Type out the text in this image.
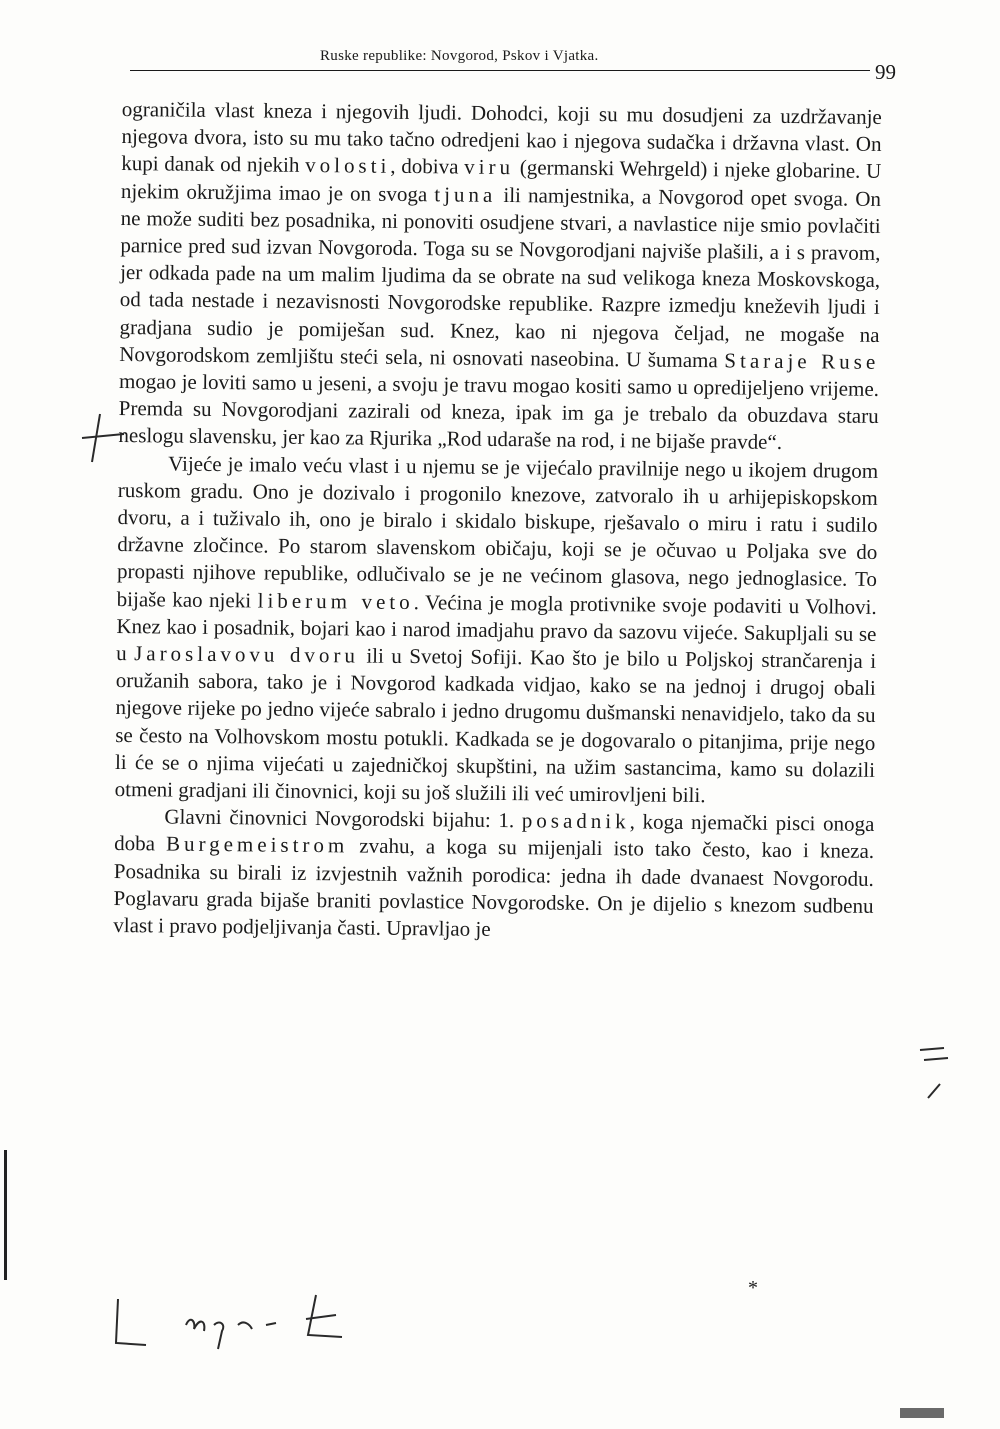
Ruske republike: Novgorod, Pskov i Vjatka.
99

ograničila vlast kneza i njegovih ljudi. Dohodci, koji su mu dosudjeni za uzdržavanje njegova dvora, isto su mu tako tačno odredjeni kao i njegova sudačka i državna vlast. On kupi danak od njekih volosti, dobiva viru (germanski Wehrgeld) i njeke globarine. U njekim okružjima imao je on svoga tjuna ili namjestnika, a Novgorod opet svoga. On ne može suditi bez posadnika, ni ponoviti osudjene stvari, a navlastice nije smio povlačiti parnice pred sud izvan Novgoroda. Toga su se Novgorodjani najviše plašili, a i s pravom, jer odkada pade na um malim ljudima da se obrate na sud velikoga kneza Moskovskoga, od tada nestade i nezavisnosti Novgorodske republike. Razpre izmedju kneževih ljudi i gradjana sudio je pomiješan sud. Knez, kao ni njegova čeljad, ne mogaše na Novgorodskom zemljištu steći sela, ni osnovati naseobina. U šumama Staraje Ruse mogao je loviti samo u jeseni, a svoju je travu mogao kositi samo u opredijeljeno vrijeme. Premda su Novgorodjani zazirali od kneza, ipak im ga je trebalo da obuzdava staru neslogu slavensku, jer kao za Rjurika „Rod udaraše na rod, i ne bijaše pravde“.

Vijeće je imalo veću vlast i u njemu se je vijećalo pravilnije nego u ikojem drugom ruskom gradu. Ono je dozivalo i progonilo knezove, zatvoralo ih u arhijepiskopskom dvoru, a i tuživalo ih, ono je biralo i skidalo biskupe, rješavalo o miru i ratu i sudilo državne zločince. Po starom slavenskom običaju, koji se je očuvao u Poljaka sve do propasti njihove republike, odlučivalo se je ne većinom glasova, nego jednoglasice. To bijaše kao njeki liberum veto. Većina je mogla protivnike svoje podaviti u Volhovi. Knez kao i posadnik, bojari kao i narod imadjahu pravo da sazovu vijeće. Sakupljali su se u Jaroslavovu dvoru ili u Svetoj Sofiji. Kao što je bilo u Poljskoj strančarenja i oružanih sabora, tako je i Novgorod kadkada vidjao, kako se na jednoj i drugoj obali njegove rijeke po jedno vijeće sabralo i jedno drugomu dušmanski nenavidjelo, tako da su se često na Volhovskom mostu potukli. Kadkada se je dogovaralo o pitanjima, prije nego li će se o njima vijećati u zajedničkoj skupštini, na užim sastancima, kamo su dolazili otmeni gradjani ili činovnici, koji su još služili ili već umirovljeni bili.

Glavni činovnici Novgorodski bijahu: 1. posadnik, koga njemački pisci onoga doba Burgemeistrom zvahu, a koga su mijenjali isto tako često, kao i kneza. Posadnika su birali iz izvjestnih važnih porodica: jedna ih dade dvanaest Novgorodu. Poglavaru grada bijaše braniti povlastice Novgorodske. On je dijelio s knezom sudbenu vlast i pravo podjeljivanja časti. Upravljao je

*
